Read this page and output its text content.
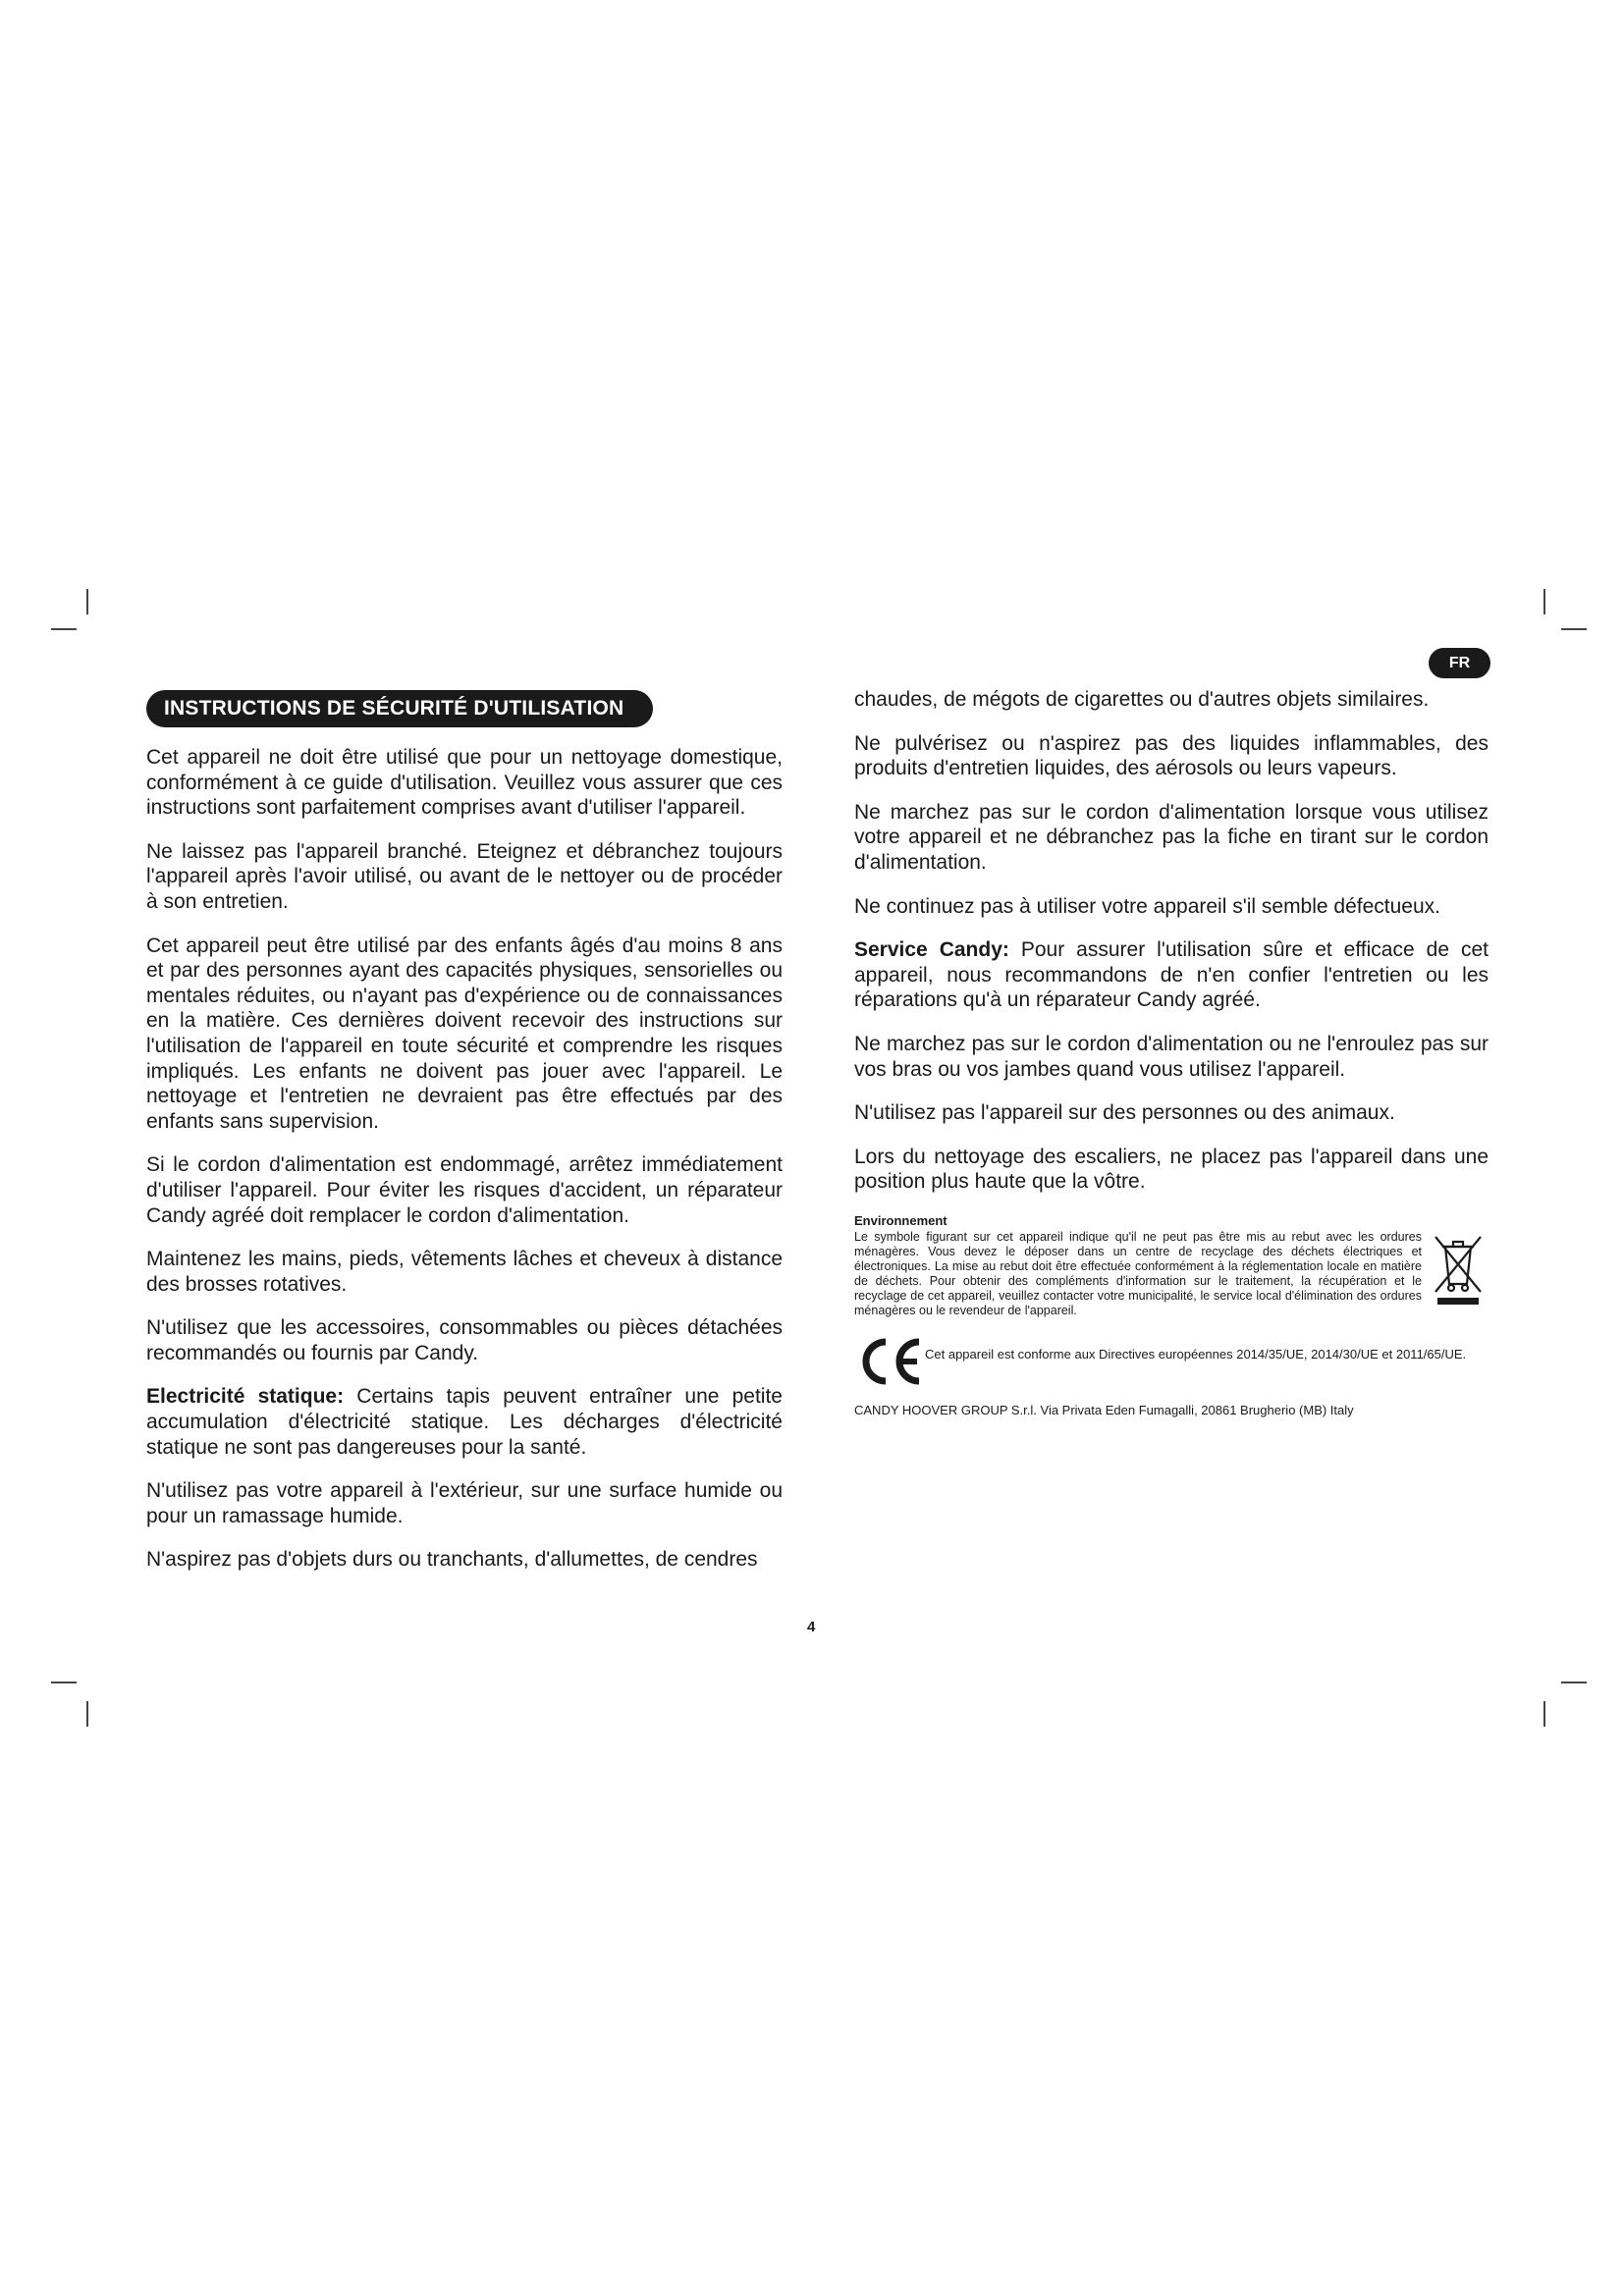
FR
INSTRUCTIONS DE SÉCURITÉ D'UTILISATION

Cet appareil ne doit être utilisé que pour un nettoyage domestique, conformément à ce guide d'utilisation. Veuillez vous assurer que ces instructions sont parfaitement comprises avant d'utiliser l'appareil.

Ne laissez pas l'appareil branché. Eteignez et débranchez toujours l'appareil après l'avoir utilisé, ou avant de le nettoyer ou de procéder à son entretien.

Cet appareil peut être utilisé par des enfants âgés d'au moins 8 ans et par des personnes ayant des capacités physiques, sensorielles ou mentales réduites, ou n'ayant pas d'expérience ou de connaissances en la matière. Ces dernières doivent recevoir des instructions sur l'utilisation de l'appareil en toute sécurité et comprendre les risques impliqués. Les enfants ne doivent pas jouer avec l'appareil. Le nettoyage et l'entretien ne devraient pas être effectués par des enfants sans supervision.

Si le cordon d'alimentation est endommagé, arrêtez immédiatement d'utiliser l'appareil. Pour éviter les risques d'accident, un réparateur Candy agréé doit remplacer le cordon d'alimentation.

Maintenez les mains, pieds, vêtements lâches et cheveux à distance des brosses rotatives.

N'utilisez que les accessoires, consommables ou pièces détachées recommandés ou fournis par Candy.

Electricité statique: Certains tapis peuvent entraîner une petite accumulation d'électricité statique. Les décharges d'électricité statique ne sont pas dangereuses pour la santé.

N'utilisez pas votre appareil à l'extérieur, sur une surface humide ou pour un ramassage humide.

N'aspirez pas d'objets durs ou tranchants, d'allumettes, de cendres

chaudes, de mégots de cigarettes ou d'autres objets similaires.

Ne pulvérisez ou n'aspirez pas des liquides inflammables, des produits d'entretien liquides, des aérosols ou leurs vapeurs.

Ne marchez pas sur le cordon d'alimentation lorsque vous utilisez votre appareil et ne débranchez pas la fiche en tirant sur le cordon d'alimentation.

Ne continuez pas à utiliser votre appareil s'il semble défectueux.

Service Candy: Pour assurer l'utilisation sûre et efficace de cet appareil, nous recommandons de n'en confier l'entretien ou les réparations qu'à un réparateur Candy agréé.

Ne marchez pas sur le cordon d'alimentation ou ne l'enroulez pas sur vos bras ou vos jambes quand vous utilisez l'appareil.

N'utilisez pas l'appareil sur des personnes ou des animaux.

Lors du nettoyage des escaliers, ne placez pas l'appareil dans une position plus haute que la vôtre.

Environnement
Le symbole figurant sur cet appareil indique qu'il ne peut pas être mis au rebut avec les ordures ménagères. Vous devez le déposer dans un centre de recyclage des déchets électriques et électroniques. La mise au rebut doit être effectuée conformément à la réglementation locale en matière de déchets. Pour obtenir des compléments d'information sur le traitement, la récupération et le recyclage de cet appareil, veuillez contacter votre municipalité, le service local d'élimination des ordures ménagères ou le revendeur de l'appareil.
Cet appareil est conforme aux Directives européennes 2014/35/UE, 2014/30/UE et 2011/65/UE.
CANDY HOOVER GROUP S.r.l. Via Privata Eden Fumagalli, 20861 Brugherio (MB) Italy
4
